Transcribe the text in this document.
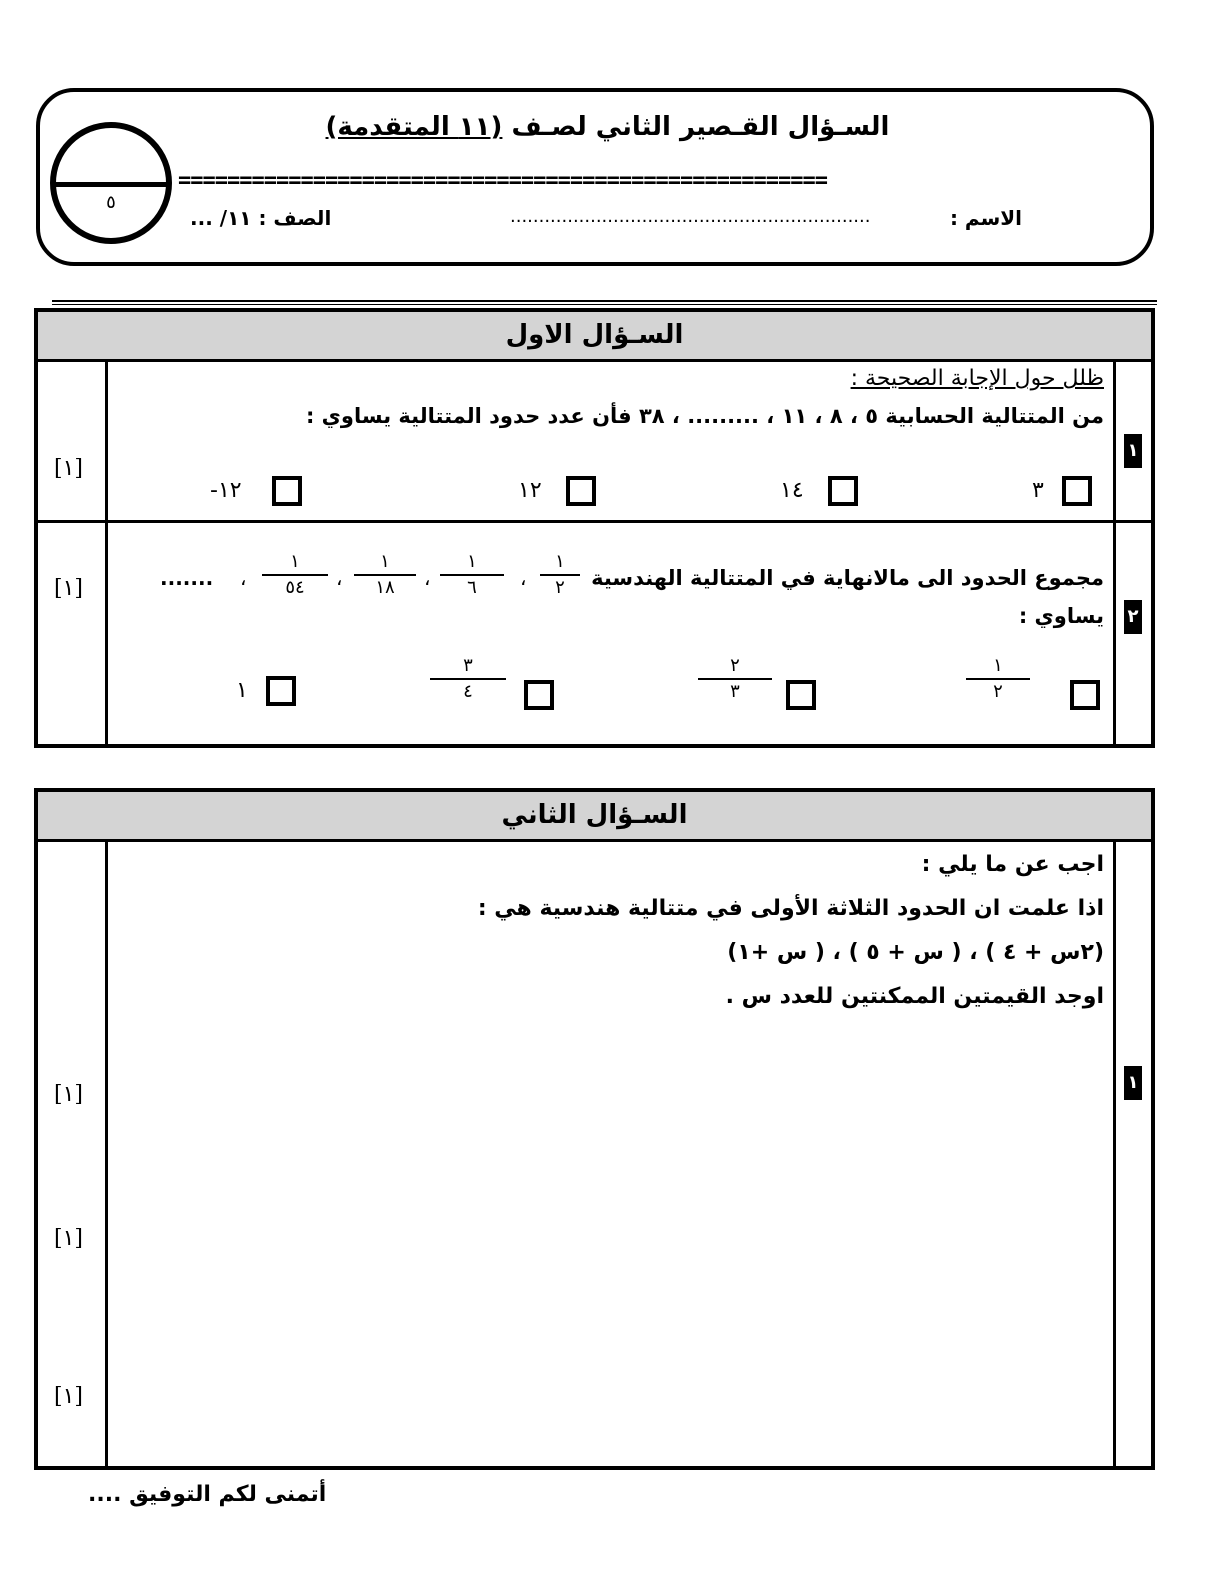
٥
السـؤال القـصير الثاني لصـف (١١ المتقدمة)
=====================================================
الاسم :
...............................................................
الصف : ١١/ ...
السـؤال الاول
ظلل حول الإجابة الصحيحة :
من المتتالية الحسابية ٥ ، ٨ ، ١١ ، ......... ، ٣٨ فأن عدد حدود المتتالية يساوي :
١
[١]
٣
١٤
١٢
١٢-
مجموع الحدود الى مالانهاية في المتتالية الهندسية
١
٢
،
١
٦
،
١
١٨
،
١
٥٤
،
.......
يساوي : ٢
[١]
١
٢
٢
٣
٣
٤
١
السـؤال الثاني
اجب عن ما يلي :
اذا علمت ان الحدود الثلاثة الأولى في متتالية هندسية هي :
(٢س + ٤ ) ، ( س + ٥ ) ، ( س +١)
اوجد القيمتين الممكنتين للعدد س .
١
[١]
[١]
[١]
أتمنى لكم التوفيق ....
